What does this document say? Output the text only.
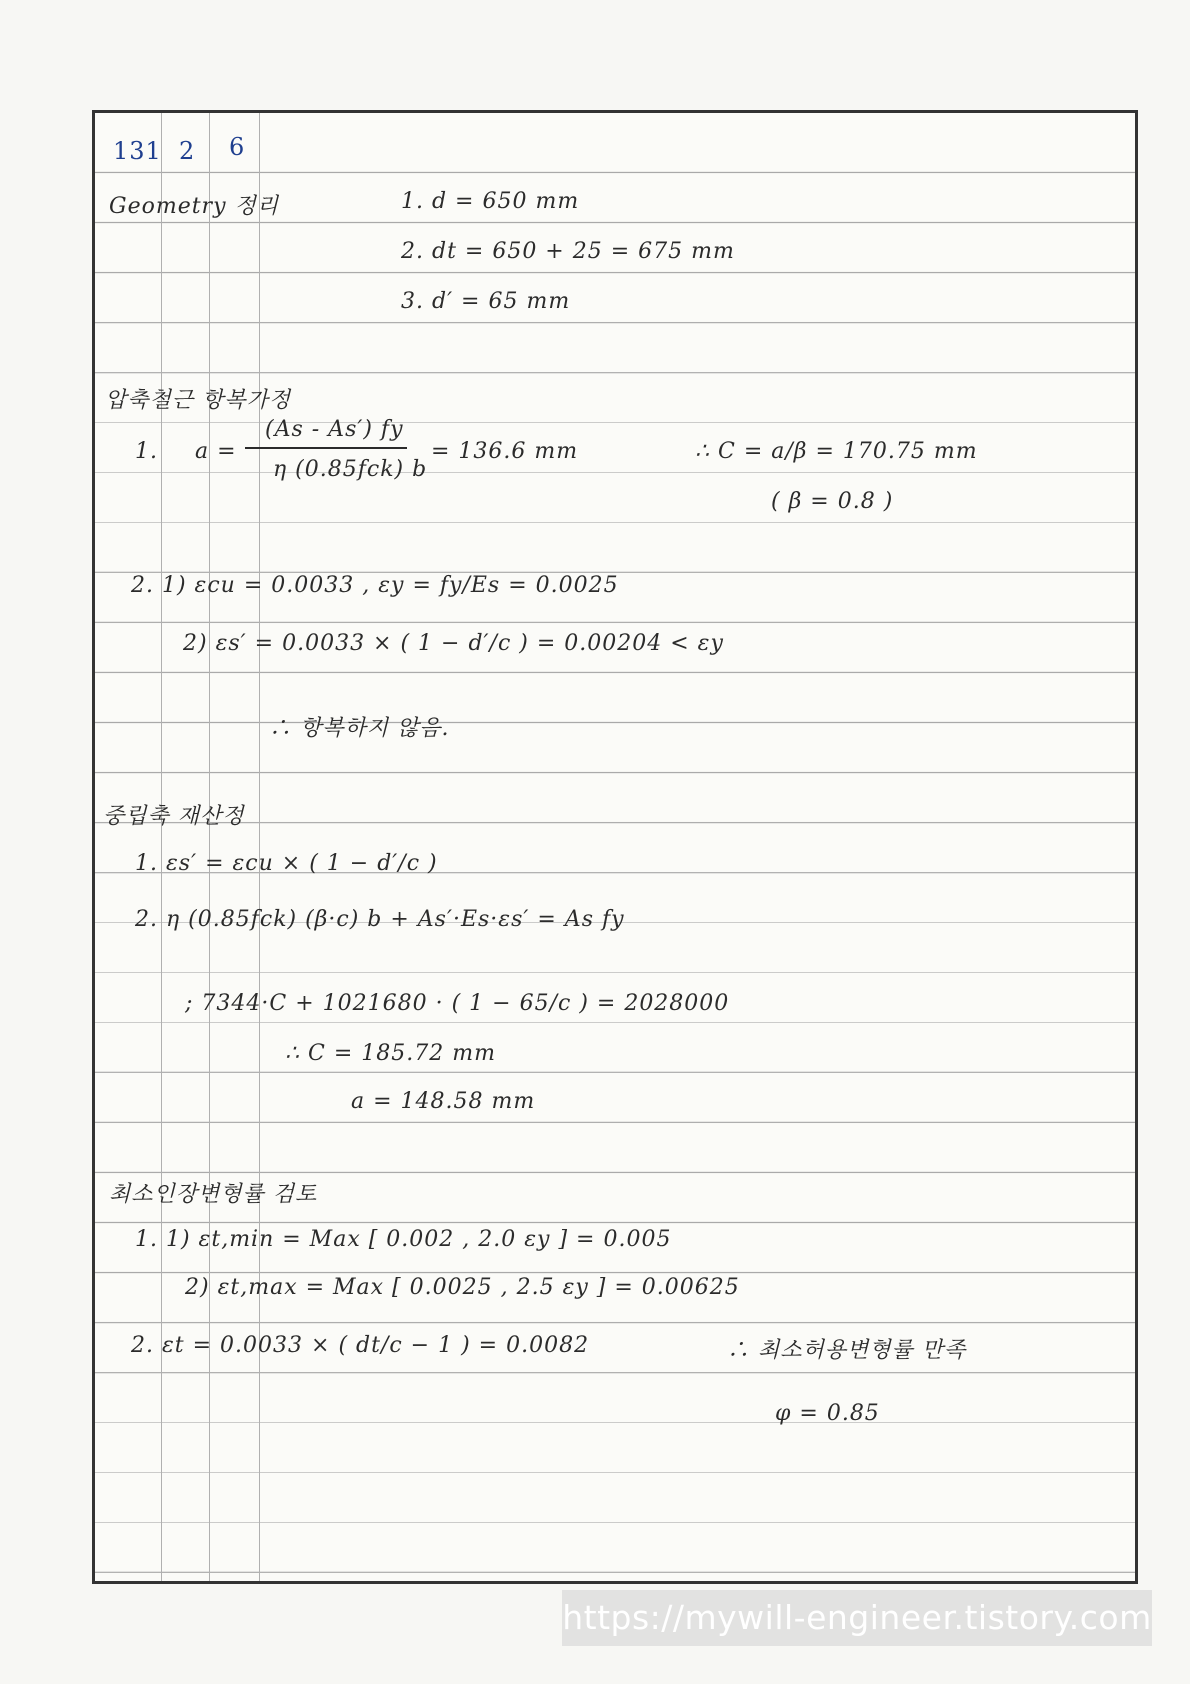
131 2 6
Geometry 정리	1. d = 650 mm
2. dt = 650 + 25 = 675 mm
3. d′ = 65 mm
압축철근 항복가정
1. a =
(As - As′) fy
η (0.85fck) b
= 136.6 mm	∴ C = a/β = 170.75 mm
( β = 0.8 )
2. 1) εcu = 0.0033 , εy = fy/Es = 0.0025
2) εs′ = 0.0033 × ( 1 − d′/c ) = 0.00204 < εy
∴ 항복하지 않음.
중립축 재산정
1. εs′ = εcu × ( 1 − d′/c )
2. η (0.85fck) (β·c) b + As′·Es·εs′ = As fy
; 7344·C + 1021680 · ( 1 − 65/c ) = 2028000
∴ C = 185.72 mm
a = 148.58 mm
최소인장변형률 검토
1. 1) εt,min = Max [ 0.002 , 2.0 εy ] = 0.005
2) εt,max = Max [ 0.0025 , 2.5 εy ] = 0.00625
2. εt = 0.0033 × ( dt/c − 1 ) = 0.0082	∴ 최소허용변형률 만족
φ = 0.85
https://mywill-engineer.tistory.com
